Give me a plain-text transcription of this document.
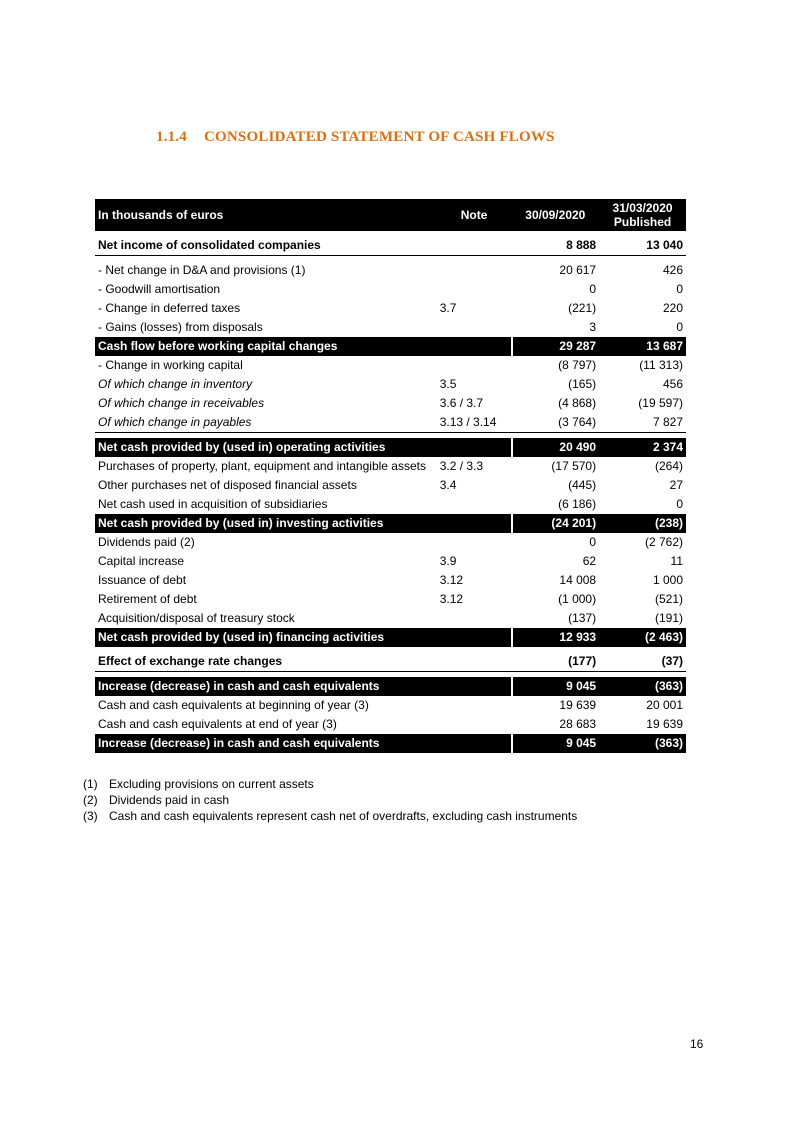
1.1.4 CONSOLIDATED STATEMENT OF CASH FLOWS
In thousands of euros	Note	30/09/2020	31/03/2020
Published

Net income of consolidated companies		8 888	13 040

- Net change in D&A and provisions (1)		20 617	426
- Goodwill amortisation		0	0
- Change in deferred taxes	3.7	(221)	220
- Gains (losses) from disposals		3	0
Cash flow before working capital changes		29 287	13 687
- Change in working capital		(8 797)	(11 313)
Of which change in inventory	3.5	(165)	456
Of which change in receivables	3.6 / 3.7	(4 868)	(19 597)
Of which change in payables	3.13 / 3.14	(3 764)	7 827

Net cash provided by (used in) operating activities		20 490	2 374
Purchases of property, plant, equipment and intangible assets	3.2 / 3.3	(17 570)	(264)
Other purchases net of disposed financial assets	3.4	(445)	27
Net cash used in acquisition of subsidiaries		(6 186)	0
Net cash provided by (used in) investing activities		(24 201)	(238)
Dividends paid (2)		0	(2 762)
Capital increase	3.9	62	11
Issuance of debt	3.12	14 008	1 000
Retirement of debt	3.12	(1 000)	(521)
Acquisition/disposal of treasury stock		(137)	(191)
Net cash provided by (used in) financing activities		12 933	(2 463)

Effect of exchange rate changes		(177)	(37)

Increase (decrease) in cash and cash equivalents		9 045	(363)
Cash and cash equivalents at beginning of year (3)		19 639	20 001
Cash and cash equivalents at end of year (3)		28 683	19 639
Increase (decrease) in cash and cash equivalents		9 045	(363)
(1) Excluding provisions on current assets
(2) Dividends paid in cash
(3) Cash and cash equivalents represent cash net of overdrafts, excluding cash instruments
16
